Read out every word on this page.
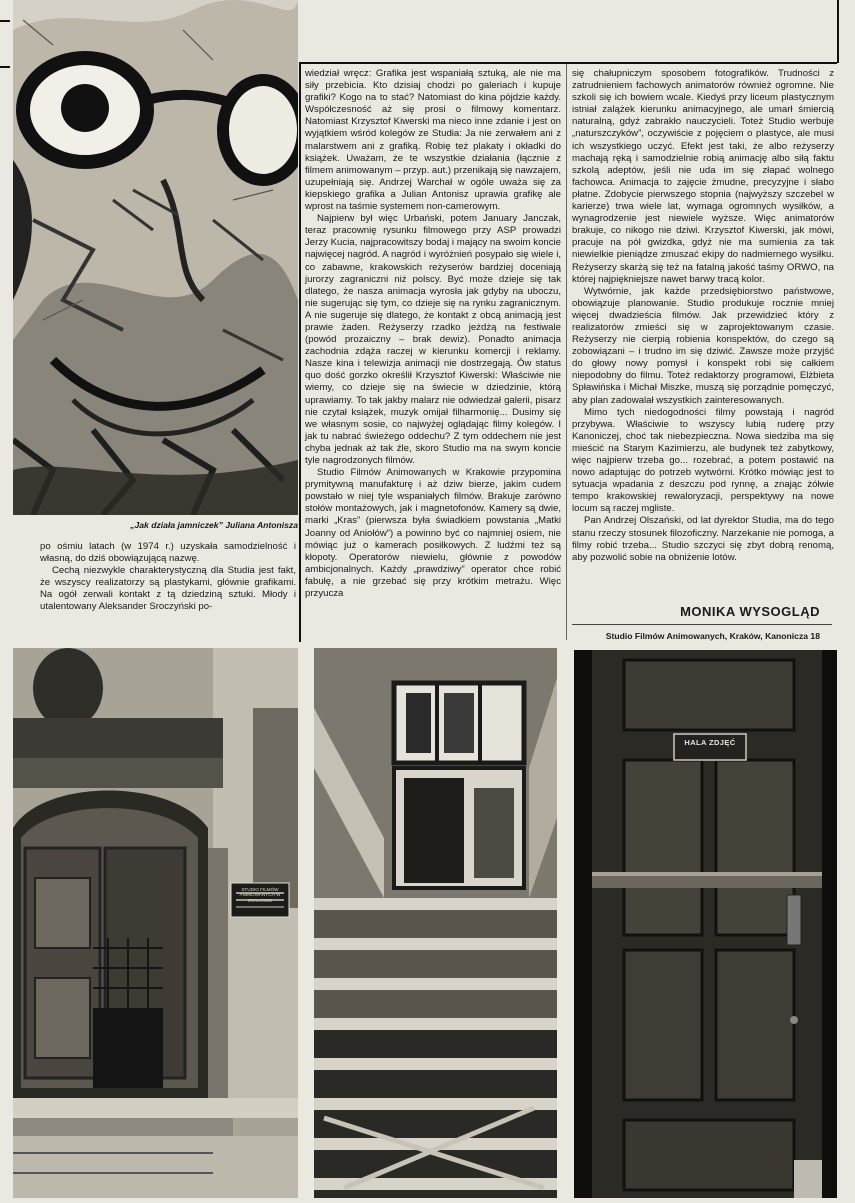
„Jak działa jamniczek” Juliana Antonisza

po ośmiu latach (w 1974 r.) uzyskała samodzielność i własną, do dziś obowiązującą nazwę.

Cechą niezwykle charakterystyczną dla Studia jest fakt, że wszyscy realizatorzy są plastykami, głównie grafikami. Na ogół zerwali kontakt z tą dziedziną sztuki. Młody i utalentowany Aleksander Sroczyński po-

wiedział wręcz: Grafika jest wspaniałą sztuką, ale nie ma siły przebicia. Kto dzisiaj chodzi po galeriach i kupuje grafiki? Kogo na to stać? Natomiast do kina pójdzie każdy. Współczesność aż się prosi o filmowy komentarz. Natomiast Krzysztof Kiwerski ma nieco inne zdanie i jest on wyjątkiem wśród kolegów ze Studia: Ja nie zerwałem ani z malarstwem ani z grafiką. Robię też plakaty i okładki do książek. Uważam, że te wszystkie działania (łącznie z filmem animowanym – przyp. aut.) przenikają się nawzajem, uzupełniają się. Andrzej Warchał w ogóle uważa się za kiepskiego grafika a Julian Antonisz uprawia grafikę ale wprost na taśmie systemem non-camerowym.

Najpierw był więc Urbański, potem January Janczak, teraz pracownię rysunku filmowego przy ASP prowadzi Jerzy Kucia, najpracowitszy bodaj i mający na swoim koncie najwięcej nagród. A nagród i wyróżnień posypało się wiele i, co zabawne, krakowskich reżyserów bardziej doceniają jurorzy zagraniczni niż polscy. Być może dzieje się tak dlatego, że nasza animacja wyrosła jak gdyby na uboczu, nie sugerując się tym, co dzieje się na rynku zagranicznym. A nie sugeruje się dlatego, że kontakt z obcą animacją jest prawie żaden. Reżyserzy rzadko jeżdżą na festiwale (powód prozaiczny – brak dewiz). Ponadto animacja zachodnia zdąża raczej w kierunku komercji i reklamy. Nasze kina i telewizja animacji nie dostrzegają. Ów status quo dość gorzko określił Krzysztof Kiwerski: Właściwie nie wiemy, co dzieje się na świecie w dziedzinie, którą uprawiamy. To tak jakby malarz nie odwiedzał galerii, pisarz nie czytał książek, muzyk omijał filharmonię... Dusimy się we własnym sosie, co najwyżej oglądając filmy kolegów. I jak tu nabrać świeżego oddechu? Z tym oddechem nie jest chyba jednak aż tak źle, skoro Studio ma na swym koncie tyle nagrodzonych filmów.

Studio Filmów Animowanych w Krakowie przypomina prymitywną manufakturę i aż dziw bierze, jakim cudem powstało w niej tyle wspaniałych filmów. Brakuje zarówno stołów montażowych, jak i magnetofonów. Kamery są dwie, marki „Kras” (pierwsza była świadkiem powstania „Matki Joanny od Aniołów”) a powinno być co najmniej osiem, nie mówiąc już o kamerach posiłkowych. Z ludźmi też są kłopoty. Operatorów niewielu, głównie z powodów ambicjonalnych. Każdy „prawdziwy” operator chce robić fabułę, a nie grzebać się przy krótkim metrażu. Więc przyucza

się chałupniczym sposobem fotografików. Trudności z zatrudnieniem fachowych animatorów również ogromne. Nie szkoli się ich bowiem wcale. Kiedyś przy liceum plastycznym istniał zalążek kierunku animacyjnego, ale umarł śmiercią naturalną, gdyż zabrakło nauczycieli. Toteż Studio werbuje „naturszczyków”, oczywiście z pojęciem o plastyce, ale musi ich wszystkiego uczyć. Efekt jest taki, że albo reżyserzy machają ręką i samodzielnie robią animację albo siłą faktu szkolą adeptów, jeśli nie uda im się złapać wolnego fachowca. Animacja to zajęcie żmudne, precyzyjne i słabo płatne. Zdobycie pierwszego stopnia (najwyższy szczebel w karierze) trwa wiele lat, wymaga ogromnych wysiłków, a wynagrodzenie jest niewiele wyższe. Więc animatorów brakuje, co nikogo nie dziwi. Krzysztof Kiwerski, jak mówi, pracuje na pół gwizdka, gdyż nie ma sumienia za tak niewielkie pieniądze zmuszać ekipy do nadmiernego wysiłku. Reżyserzy skarżą się też na fatalną jakość taśmy ORWO, na której najpiękniejsze nawet barwy tracą kolor.

Wytwórnie, jak każde przedsiębiorstwo państwowe, obowiązuje planowanie. Studio produkuje rocznie mniej więcej dwadzieścia filmów. Jak przewidzieć który z realizatorów zmieści się w zaprojektowanym czasie. Reżyserzy nie cierpią robienia konspektów, do czego są zobowiązani – i trudno im się dziwić. Zawsze może przyjść do głowy nowy pomysł i konspekt robi się całkiem niepodobny do filmu. Toteż redaktorzy programowi, Elżbieta Spławińska i Michał Miszke, muszą się porządnie pomęczyć, aby plan zadowalał wszystkich zainteresowanych.

Mimo tych niedogodności filmy powstają i nagród przybywa. Właściwie to wszyscy lubią ruderę przy Kanoniczej, choć tak niebezpieczna. Nowa siedziba ma się mieścić na Starym Kazimierzu, ale budynek też zabytkowy, więc najpierw trzeba go... rozebrać, a potem postawić na nowo adaptując do potrzeb wytwórni. Krótko mówiąc jest to sytuacja wpadania z deszczu pod rynnę, a znając żółwie tempo krakowskiej rewaloryzacji, perspektywy na nowe locum są raczej mgliste.

Pan Andrzej Olszański, od lat dyrektor Studia, ma do tego stanu rzeczy stosunek filozoficzny. Narzekanie nie pomoga, a filmy robić trzeba... Studio szczyci się zbyt dobrą renomą, aby pozwolić sobie na obniżenie lotów.

MONIKA WYSOGLĄD
Studio Filmów Animowanych, Kraków, Kanonicza 18
HALA ZDJĘĆ
STUDIO FILMÓW ANIMOWANYCH W KRAKOWIE
